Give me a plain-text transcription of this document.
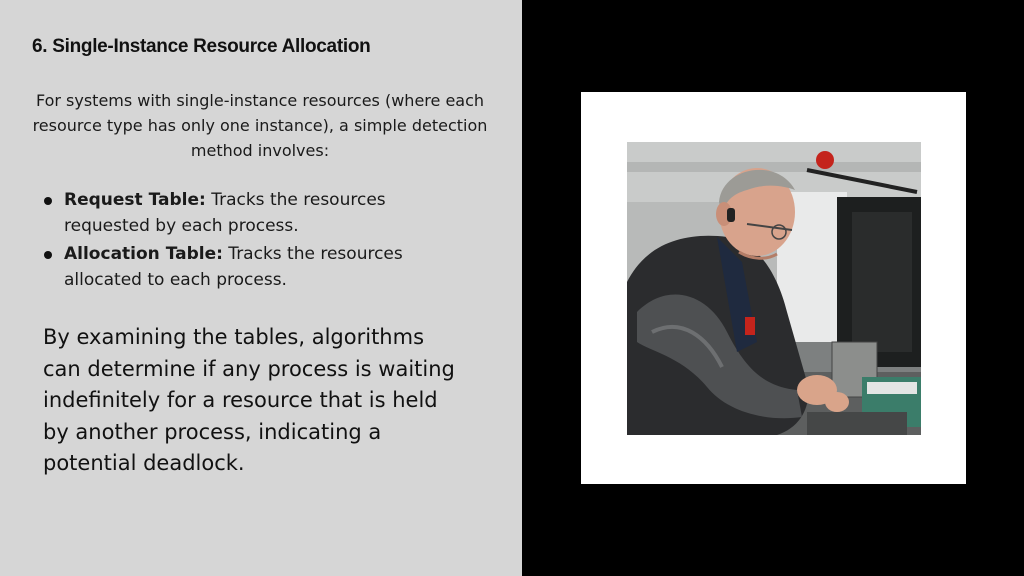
6. Single-Instance Resource Allocation
For systems with single-instance resources (where each resource type has only one instance), a simple detection method involves:
Request Table: Tracks the resources requested by each process.
Allocation Table: Tracks the resources allocated to each process.
By examining the tables, algorithms can determine if any process is waiting indefinitely for a resource that is held by another process, indicating a potential deadlock.
